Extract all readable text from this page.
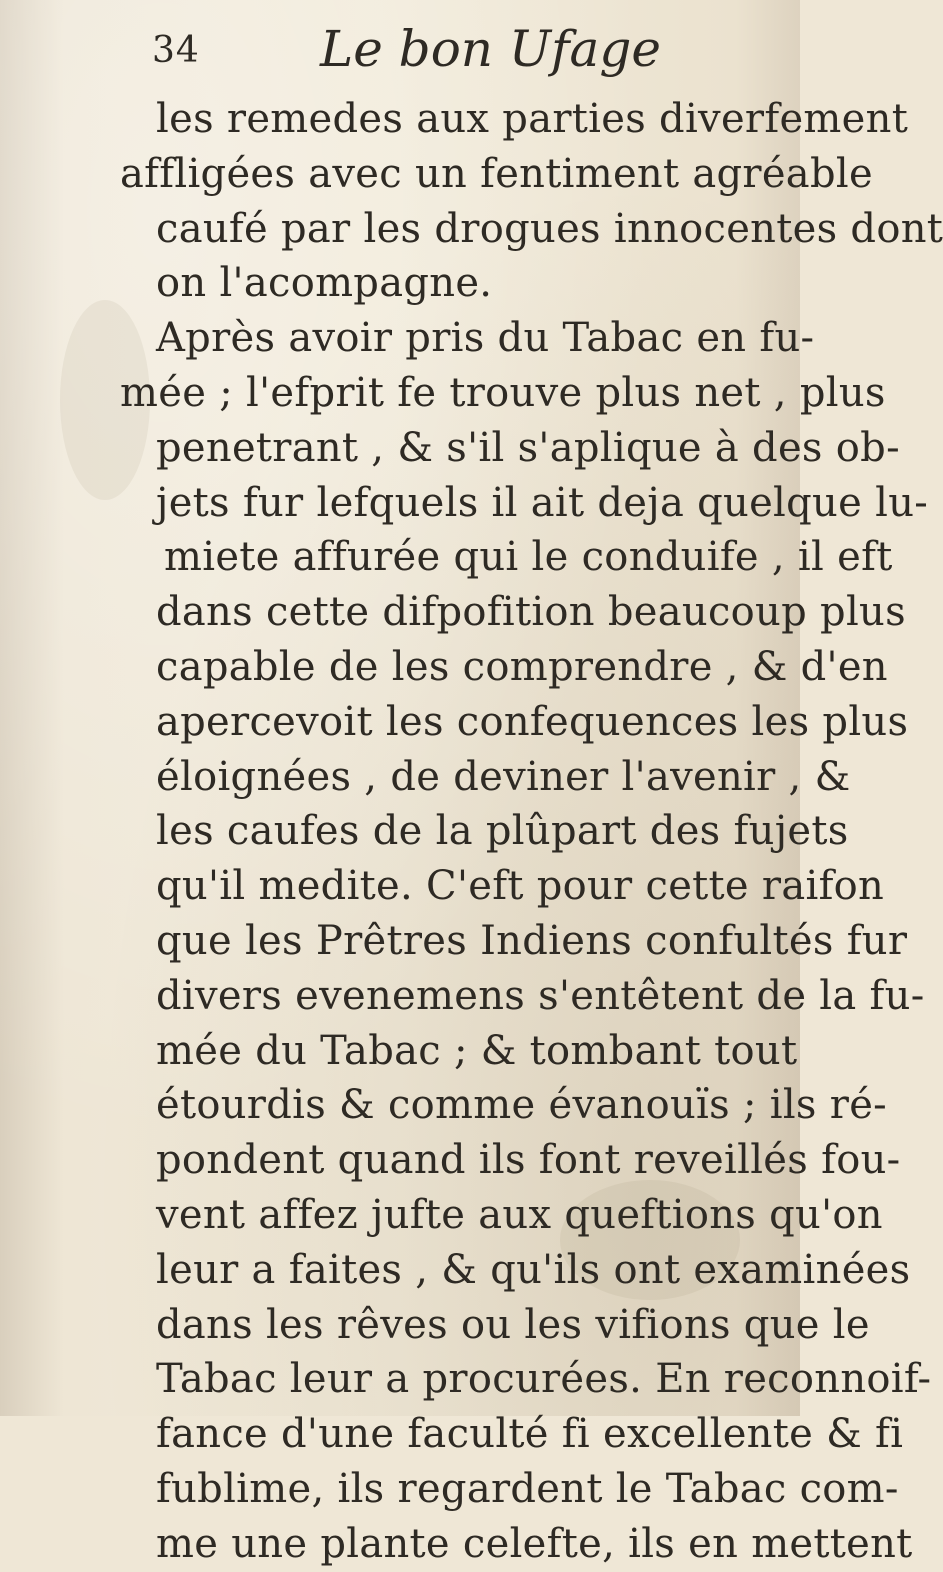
34 Le bon Ufage
les remedes aux parties diverfement
affligées avec un fentiment agréable
caufé par les drogues innocentes dont
on l'acompagne.
Après avoir pris du Tabac en fu-
mée ; l'efprit fe trouve plus net , plus
penetrant , & s'il s'aplique à des ob-
jets fur lefquels il ait deja quelque lu-
miete affurée qui le conduife , il eft
dans cette difpofition beaucoup plus
capable de les comprendre , & d'en
apercevoit les confequences les plus
éloignées , de deviner l'avenir , &
les caufes de la plûpart des fujets
qu'il medite. C'eft pour cette raifon
que les Prêtres Indiens confultés fur
divers evenemens s'entêtent de la fu-
mée du Tabac ; & tombant tout
étourdis & comme évanouïs ; ils ré-
pondent quand ils font reveillés fou-
vent affez jufte aux queftions qu'on
leur a faites , & qu'ils ont examinées
dans les rêves ou les vifions que le
Tabac leur a procurées. En reconnoif-
fance d'une faculté fi excellente & fi
fublime, ils regardent le Tabac com-
me une plante celefte, ils en mettent
